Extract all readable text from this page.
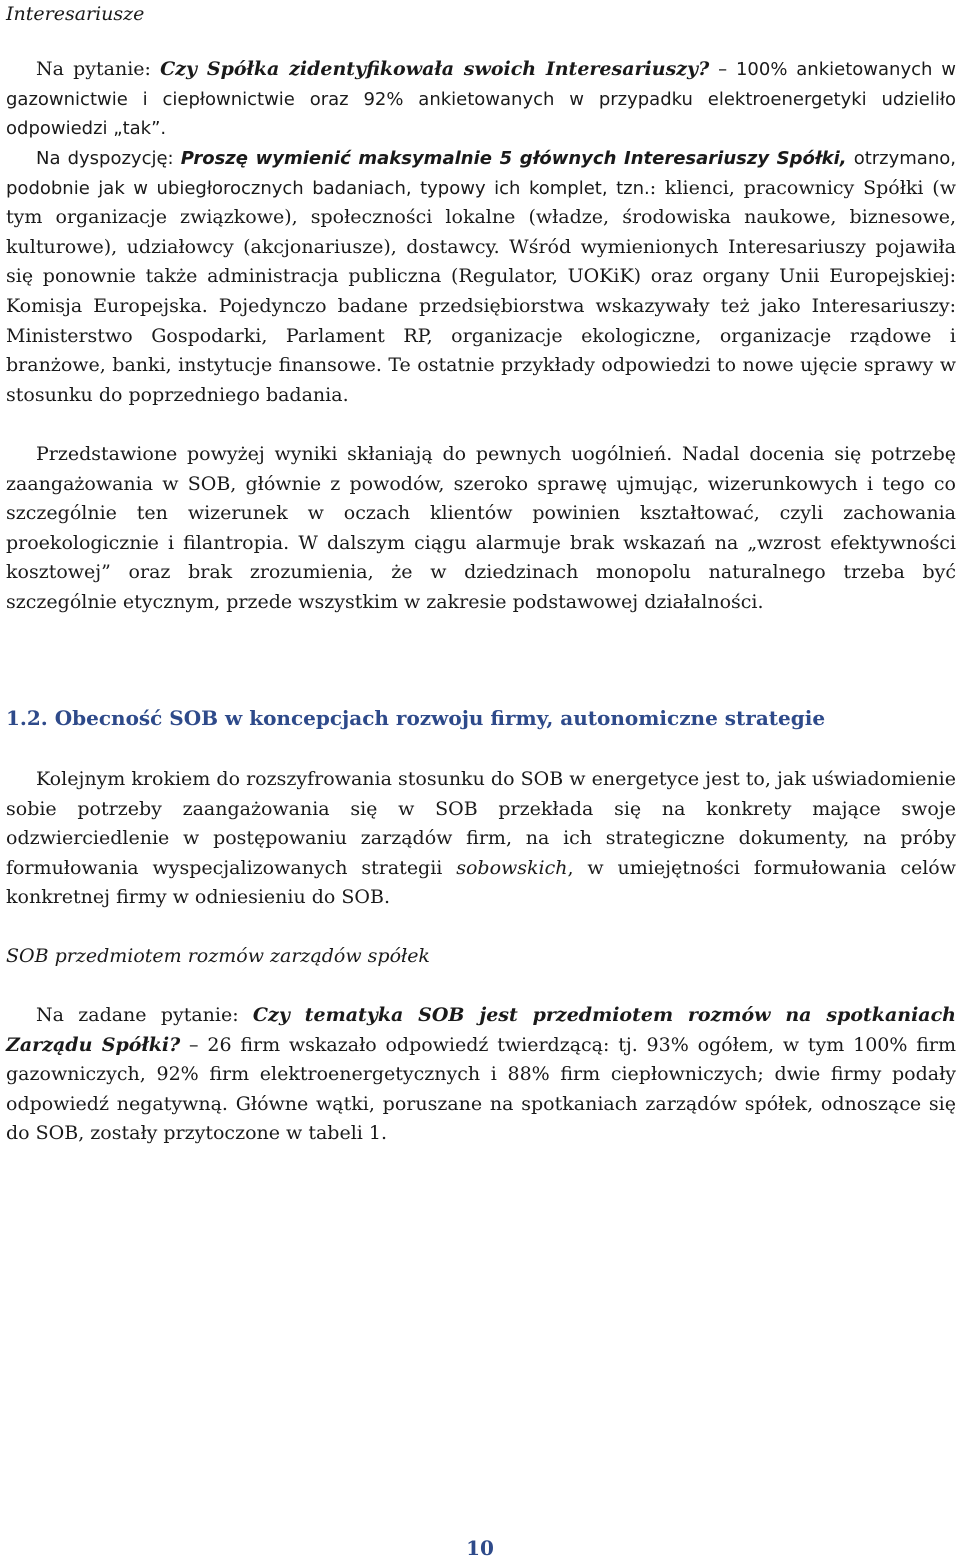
Interesariusze

Na pytanie: Czy Spółka zidentyfikowała swoich Interesariuszy? – 100% ankietowanych w gazownictwie i ciepłownictwie oraz 92% ankietowanych w przypadku elektroenergetyki udzieliło odpowiedzi „tak”.

Na dyspozycję: Proszę wymienić maksymalnie 5 głównych Interesariuszy Spółki, otrzymano, podobnie jak w ubiegłorocznych badaniach, typowy ich komplet, tzn.: klienci, pracownicy Spółki (w tym organizacje związkowe), społeczności lokalne (władze, środowiska naukowe, biznesowe, kulturowe), udziałowcy (akcjonariusze), dostawcy. Wśród wymienionych Interesariuszy pojawiła się ponownie także administracja publiczna (Regulator, UOKiK) oraz organy Unii Europejskiej: Komisja Europejska. Pojedynczo badane przedsiębiorstwa wskazywały też jako Interesariuszy: Ministerstwo Gospodarki, Parlament RP, organizacje ekologiczne, organizacje rządowe i branżowe, banki, instytucje finansowe. Te ostatnie przykłady odpowiedzi to nowe ujęcie sprawy w stosunku do poprzedniego badania.

Przedstawione powyżej wyniki skłaniają do pewnych uogólnień. Nadal docenia się potrzebę zaangażowania w SOB, głównie z powodów, szeroko sprawę ujmując, wizerunkowych i tego co szczególnie ten wizerunek w oczach klientów powinien kształtować, czyli zachowania proekologicznie i filantropia. W dalszym ciągu alarmuje brak wskazań na „wzrost efektywności kosztowej” oraz brak zrozumienia, że w dziedzinach monopolu naturalnego trzeba być szczególnie etycznym, przede wszystkim w zakresie podstawowej działalności.

1.2. Obecność SOB w koncepcjach rozwoju firmy, autonomiczne strategie

Kolejnym krokiem do rozszyfrowania stosunku do SOB w energetyce jest to, jak uświadomienie sobie potrzeby zaangażowania się w SOB przekłada się na konkrety mające swoje odzwierciedlenie w postępowaniu zarządów firm, na ich strategiczne dokumenty, na próby formułowania wyspecjalizowanych strategii sobowskich, w umiejętności formułowania celów konkretnej firmy w odniesieniu do SOB.

SOB przedmiotem rozmów zarządów spółek

Na zadane pytanie: Czy tematyka SOB jest przedmiotem rozmów na spotkaniach Zarządu Spółki? – 26 firm wskazało odpowiedź twierdzącą: tj. 93% ogółem, w tym 100% firm gazowniczych, 92% firm elektroenergetycznych i 88% firm ciepłowniczych; dwie firmy podały odpowiedź negatywną. Główne wątki, poruszane na spotkaniach zarządów spółek, odnoszące się do SOB, zostały przytoczone w tabeli 1.

10
